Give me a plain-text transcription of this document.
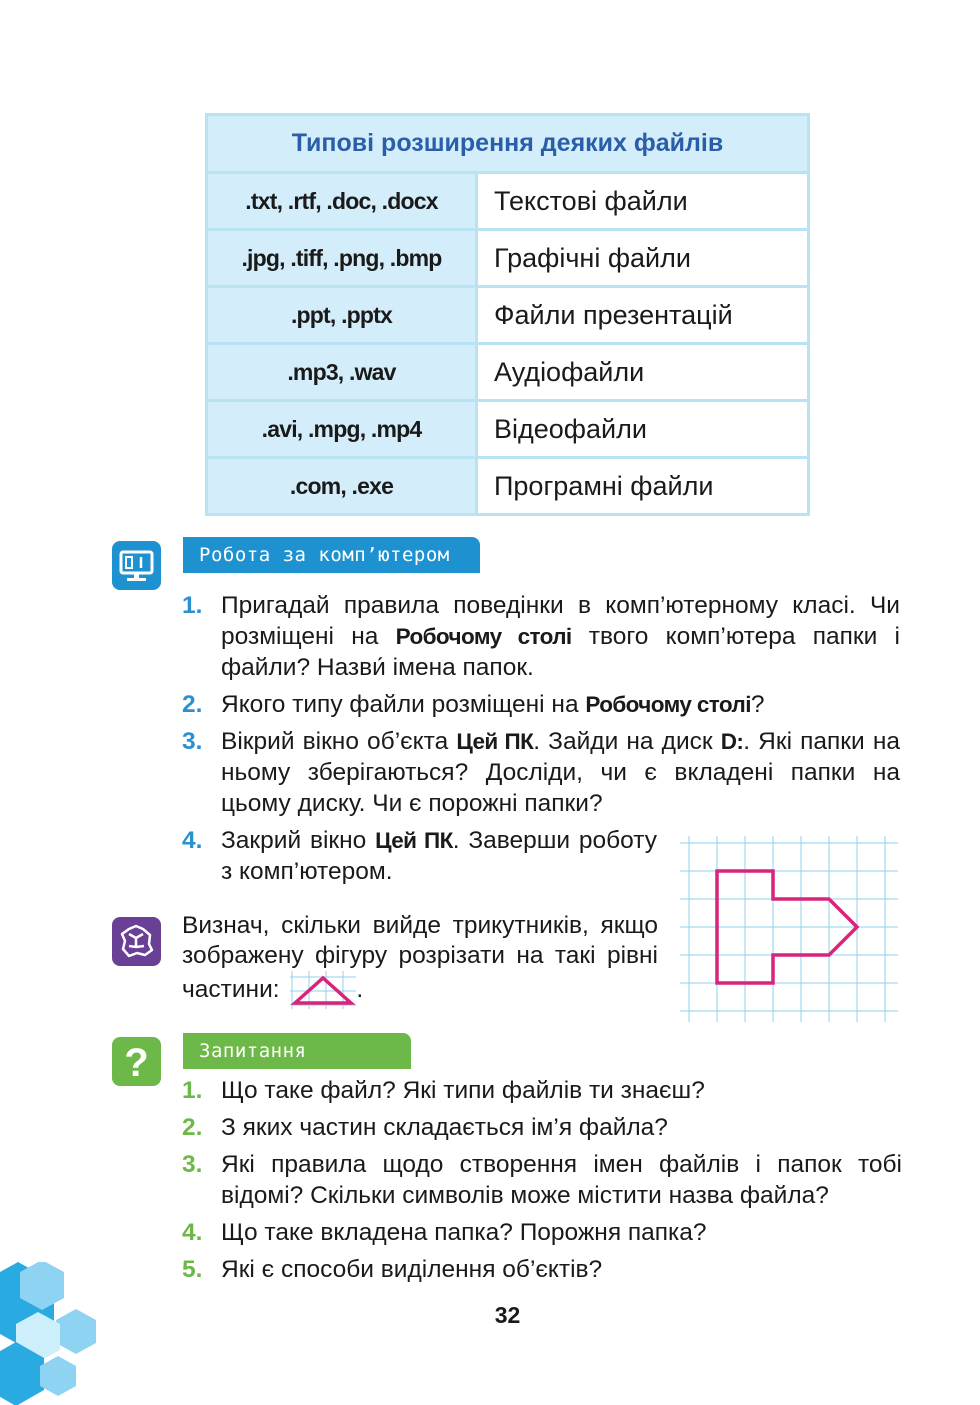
Типові розширення деяких файлів	
.txt, .rtf, .doc, .docx	Текстові файли
.jpg, .tiff, .png, .bmp	Графічні файли
.ppt, .pptx	Файли презентацій
.mp3, .wav	Аудіофайли
.avi, .mpg, .mp4	Відеофайли
.com, .exe	Програмні файли
Робота за комп’ютером
1. Пригадай правила поведінки в комп’ютерному класі. Чи розміщені на Робочому столі твого комп’ютера папки і файли? Назви́ імена папок.

2. Якого типу файли розміщені на Робочому столі?

3. Вікрий вікно об’єкта Цей ПК. Зайди на диск D:. Які папки на ньому зберігаються? Досліди, чи є вкладені папки на цьому диску. Чи є порожні папки?

4. Закрий вікно Цей ПК. Заверши роботу з комп’ютером.

Визнач, скільки вийде трикутників, якщо зображену фігуру розрізати на такі рівні частини:	.
?	Запитання
1. Що таке файл? Які типи файлів ти знаєш?

2. З яких частин складається ім’я файла?

3. Які правила щодо створення імен файлів і папок тобі відомі? Скільки символів може містити назва файла?

4. Що таке вкладена папка? Порожня папка?

5. Які є способи виділення об’єктів?

32
